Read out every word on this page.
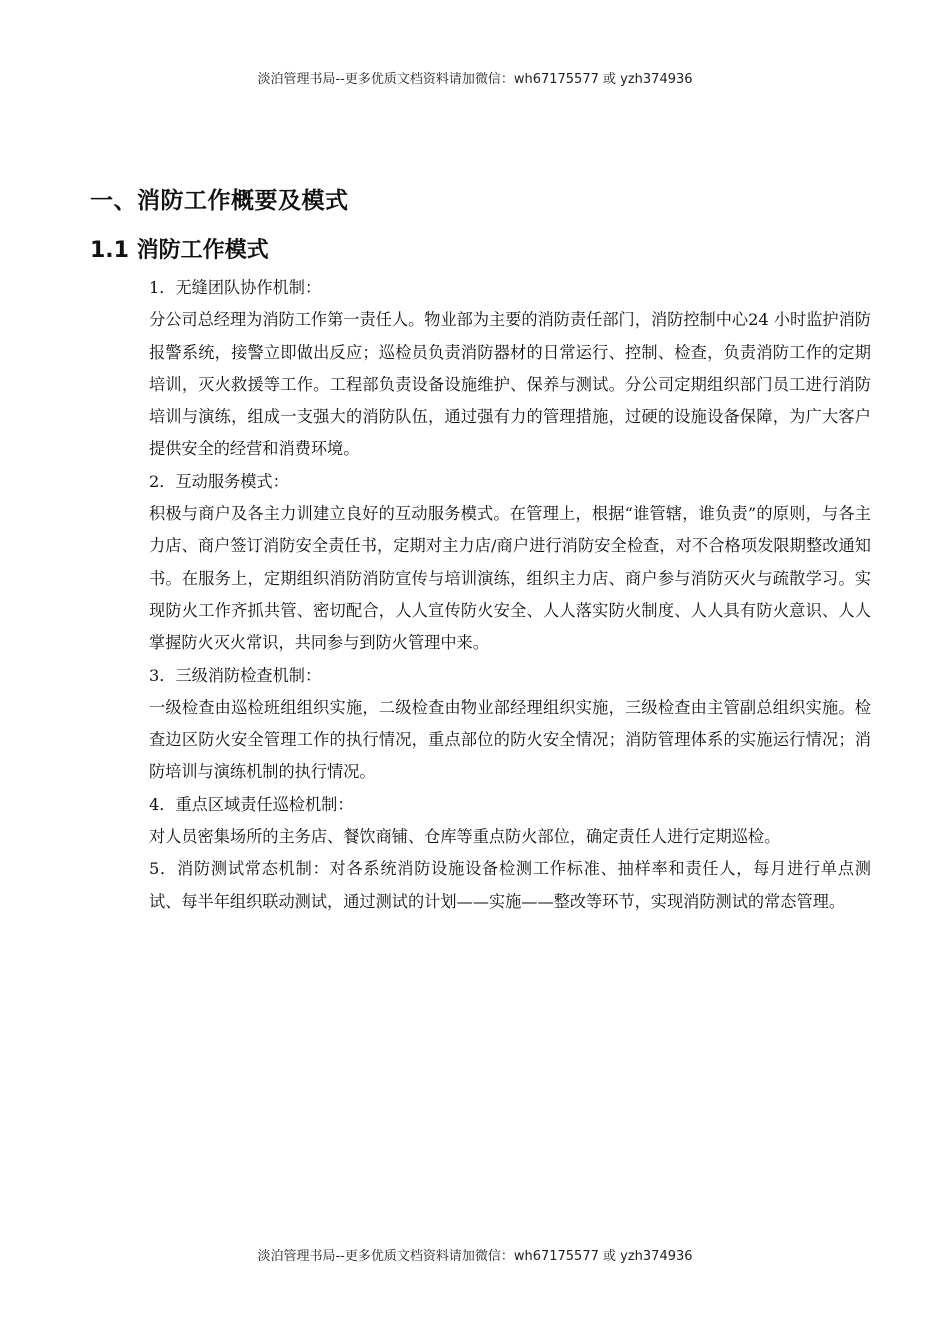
淡泊管理书局--更多优质文档资料请加微信：wh67175577 或 yzh374936
一、消防工作概要及模式
1.1 消防工作模式

1．无缝团队协作机制：

分公司总经理为消防工作第一责任人。物业部为主要的消防责任部门，消防控制中心24 小时监护消防报警系统，接警立即做出反应；巡检员负责消防器材的日常运行、控制、检查，负责消防工作的定期培训，灭火救援等工作。工程部负责设备设施维护、保养与测试。分公司定期组织部门员工进行消防培训与演练，组成一支强大的消防队伍，通过强有力的管理措施，过硬的设施设备保障，为广大客户提供安全的经营和消费环境。

2．互动服务模式：

积极与商户及各主力训建立良好的互动服务模式。在管理上，根据“谁管辖，谁负责”的原则，与各主力店、商户签订消防安全责任书，定期对主力店/商户进行消防安全检查，对不合格项发限期整改通知书。在服务上，定期组织消防消防宣传与培训演练，组织主力店、商户参与消防灭火与疏散学习。实现防火工作齐抓共管、密切配合，人人宣传防火安全、人人落实防火制度、人人具有防火意识、人人掌握防火灭火常识，共同参与到防火管理中来。

3．三级消防检查机制：

一级检查由巡检班组组织实施，二级检查由物业部经理组织实施，三级检查由主管副总组织实施。检查边区防火安全管理工作的执行情况，重点部位的防火安全情况；消防管理体系的实施运行情况；消防培训与演练机制的执行情况。

4．重点区域责任巡检机制：

对人员密集场所的主务店、餐饮商铺、仓库等重点防火部位，确定责任人进行定期巡检。

5．消防测试常态机制：对各系统消防设施设备检测工作标准、抽样率和责任人，每月进行单点测试、每半年组织联动测试，通过测试的计划——实施——整改等环节，实现消防测试的常态管理。

淡泊管理书局--更多优质文档资料请加微信：wh67175577 或 yzh374936
